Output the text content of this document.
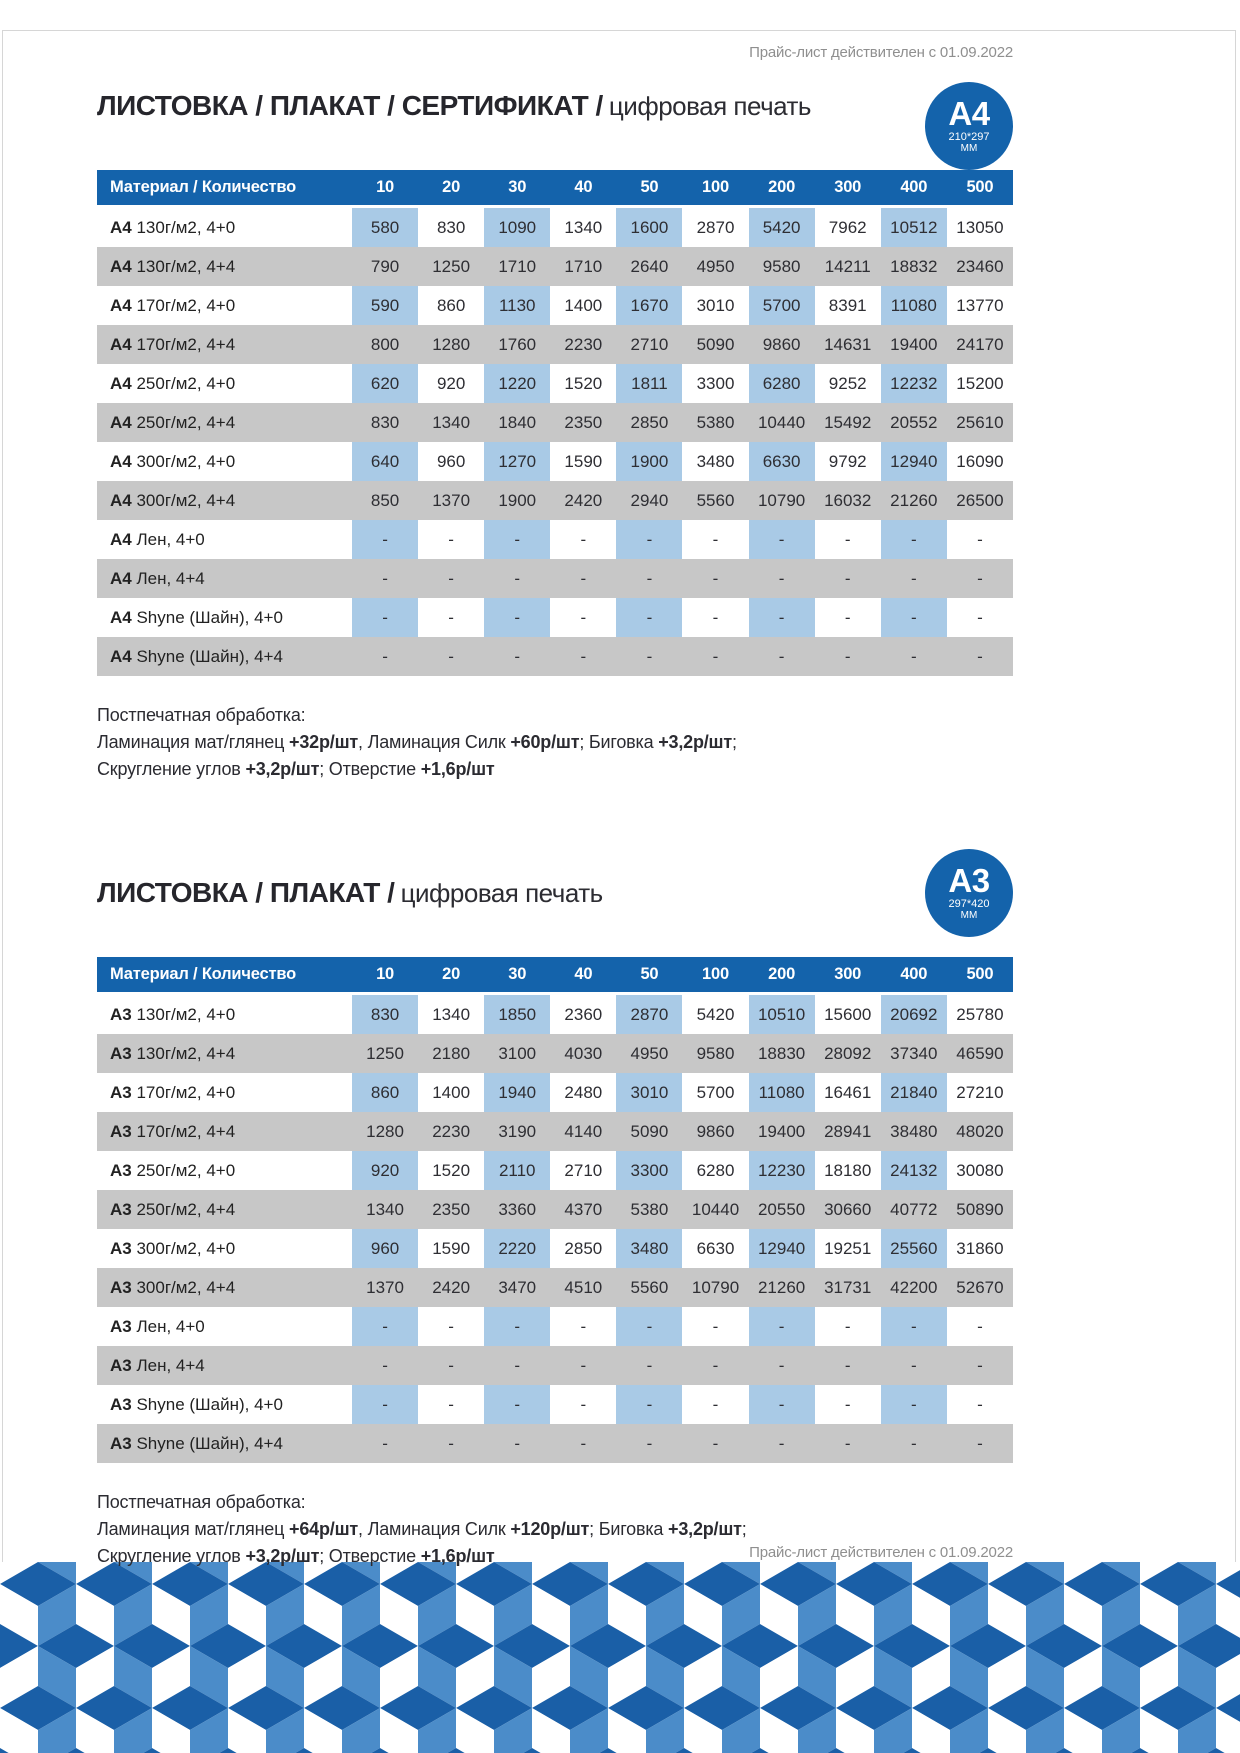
Прайс-лист действителен с 01.09.2022
ЛИСТОВКА / ПЛАКАТ / СЕРТИФИКАТ / цифровая печать	А4
210*297
ММ
Материал / Количество	10	20	30	40	50	100	200	300	400	500
А4 130г/м2, 4+0	580	830	1090	1340	1600	2870	5420	7962	10512	13050
А4 130г/м2, 4+4	790	1250	1710	1710	2640	4950	9580	14211	18832	23460
А4 170г/м2, 4+0	590	860	1130	1400	1670	3010	5700	8391	11080	13770
А4 170г/м2, 4+4	800	1280	1760	2230	2710	5090	9860	14631	19400	24170
А4 250г/м2, 4+0	620	920	1220	1520	1811	3300	6280	9252	12232	15200
А4 250г/м2, 4+4	830	1340	1840	2350	2850	5380	10440	15492	20552	25610
А4 300г/м2, 4+0	640	960	1270	1590	1900	3480	6630	9792	12940	16090
А4 300г/м2, 4+4	850	1370	1900	2420	2940	5560	10790	16032	21260	26500
А4 Лен, 4+0	-	-	-	-	-	-	-	-	-	-
А4 Лен, 4+4	-	-	-	-	-	-	-	-	-	-
А4 Shyne (Шайн), 4+0	-	-	-	-	-	-	-	-	-	-
А4 Shyne (Шайн), 4+4	-	-	-	-	-	-	-	-	-	-
Постпечатная обработка:
Ламинация мат/глянец +32р/шт, Ламинация Силк +60р/шт; Биговка +3,2р/шт;
Скругление углов +3,2р/шт; Отверстие +1,6р/шт
ЛИСТОВКА / ПЛАКАТ / цифровая печать	А3
297*420
ММ
Материал / Количество	10	20	30	40	50	100	200	300	400	500
А3 130г/м2, 4+0	830	1340	1850	2360	2870	5420	10510	15600	20692	25780
А3 130г/м2, 4+4	1250	2180	3100	4030	4950	9580	18830	28092	37340	46590
А3 170г/м2, 4+0	860	1400	1940	2480	3010	5700	11080	16461	21840	27210
А3 170г/м2, 4+4	1280	2230	3190	4140	5090	9860	19400	28941	38480	48020
А3 250г/м2, 4+0	920	1520	2110	2710	3300	6280	12230	18180	24132	30080
А3 250г/м2, 4+4	1340	2350	3360	4370	5380	10440	20550	30660	40772	50890
А3 300г/м2, 4+0	960	1590	2220	2850	3480	6630	12940	19251	25560	31860
А3 300г/м2, 4+4	1370	2420	3470	4510	5560	10790	21260	31731	42200	52670
А3 Лен, 4+0	-	-	-	-	-	-	-	-	-	-
А3 Лен, 4+4	-	-	-	-	-	-	-	-	-	-
А3 Shyne (Шайн), 4+0	-	-	-	-	-	-	-	-	-	-
А3 Shyne (Шайн), 4+4	-	-	-	-	-	-	-	-	-	-
Постпечатная обработка:
Ламинация мат/глянец +64р/шт, Ламинация Силк +120р/шт; Биговка +3,2р/шт;
Скругление углов +3,2р/шт; Отверстие +1,6р/шт	Прайс-лист действителен с 01.09.2022
